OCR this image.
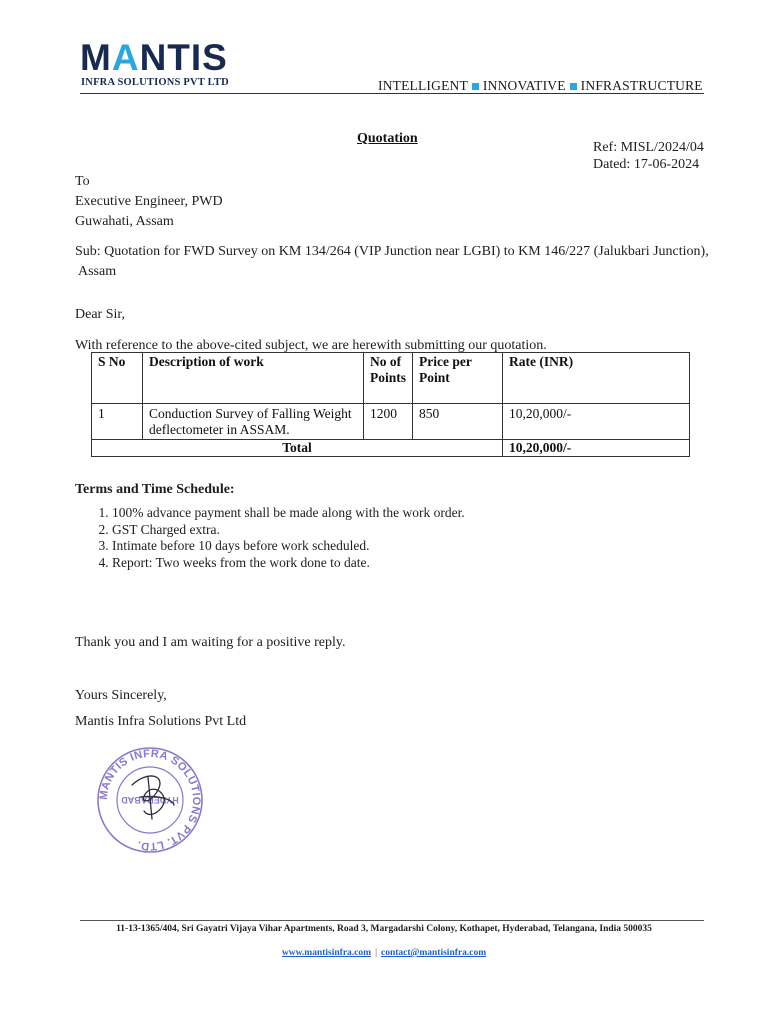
MANTIS
INFRA SOLUTIONS PVT LTD	INTELLIGENT INNOVATIVE INFRASTRUCTURE
Quotation
Ref: MISL/2024/04
Dated: 17-06-2024
To
Executive Engineer, PWD
Guwahati, Assam
Sub: Quotation for FWD Survey on KM 134/264 (VIP Junction near LGBI) to KM 146/227 (Jalukbari Junction),
Assam
Dear Sir,
With reference to the above-cited subject, we are herewith submitting our quotation.
S No	Description of work	No of Points	Price per Point	Rate (INR)
1	Conduction Survey of Falling Weight deflectometer in ASSAM.	1200	850	10,20,000/-
Total				10,20,000/-
Terms and Time Schedule:
1. 100% advance payment shall be made along with the work order.
2. GST Charged extra.
3. Intimate before 10 days before work scheduled.
4. Report: Two weeks from the work done to date.
Thank you and I am waiting for a positive reply.
Yours Sincerely,
Mantis Infra Solutions Pvt Ltd
MANTIS INFRA SOLUTIONS PVT. LTD.
HYDERABAD
11-13-1365/404, Sri Gayatri Vijaya Vihar Apartments, Road 3, Margadarshi Colony, Kothapet, Hyderabad, Telangana, India 500035
www.mantisinfra.com | contact@mantisinfra.com
